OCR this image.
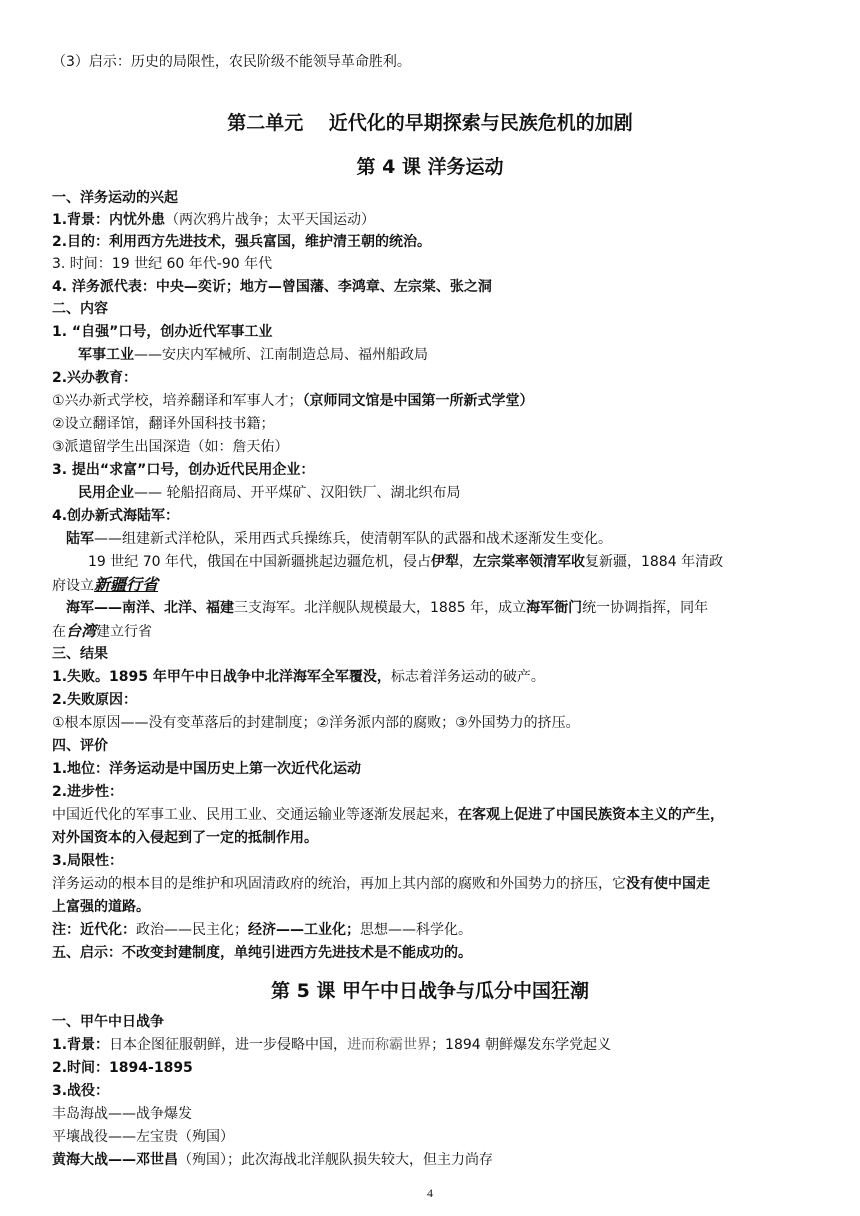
（3）启示：历史的局限性，农民阶级不能领导革命胜利。
第二单元　 近代化的早期探索与民族危机的加剧
第 4 课 洋务运动
一、洋务运动的兴起
1.背景：内忧外患（两次鸦片战争；太平天国运动）
2.目的：利用西方先进技术，强兵富国，维护清王朝的统治。
3. 时间：19 世纪 60 年代-90 年代
4. 洋务派代表：中央—奕䜣；地方—曾国藩、李鸿章、左宗棠、张之洞
二、内容
1. “自强”口号，创办近代军事工业
军事工业——安庆内军械所、江南制造总局、福州船政局
2.兴办教育：
①兴办新式学校，培养翻译和军事人才；（京师同文馆是中国第一所新式学堂）
②设立翻译馆，翻译外国科技书籍；
③派遣留学生出国深造（如：詹天佑）
3. 提出“求富”口号，创办近代民用企业：
民用企业—— 轮船招商局、开平煤矿、汉阳铁厂、湖北织布局
4.创办新式海陆军：
陆军——组建新式洋枪队，采用西式兵操练兵，使清朝军队的武器和战术逐渐发生变化。
19 世纪 70 年代，俄国在中国新疆挑起边疆危机，侵占伊犁，左宗棠率领清军收复新疆，1884 年清政
府设立新疆行省
海军——南洋、北洋、福建三支海军。北洋舰队规模最大，1885 年，成立海军衙门统一协调指挥，同年
在台湾建立行省
三、结果
1.失败。1895 年甲午中日战争中北洋海军全军覆没，标志着洋务运动的破产。
2.失败原因：
①根本原因——没有变革落后的封建制度；②洋务派内部的腐败；③外国势力的挤压。
四、评价
1.地位：洋务运动是中国历史上第一次近代化运动
2.进步性：
中国近代化的军事工业、民用工业、交通运输业等逐渐发展起来，在客观上促进了中国民族资本主义的产生，
对外国资本的入侵起到了一定的抵制作用。
3.局限性：
洋务运动的根本目的是维护和巩固清政府的统治，再加上其内部的腐败和外国势力的挤压，它没有使中国走
上富强的道路。
注：近代化：政治——民主化；经济——工业化；思想——科学化。
五、启示：不改变封建制度，单纯引进西方先进技术是不能成功的。
第 5 课 甲午中日战争与瓜分中国狂潮
一、甲午中日战争
1.背景：日本企图征服朝鲜，进一步侵略中国，进而称霸世界；1894 朝鲜爆发东学党起义
2.时间：1894-1895
3.战役：
丰岛海战——战争爆发
平壤战役——左宝贵（殉国）
黄海大战——邓世昌（殉国）；此次海战北洋舰队损失较大，但主力尚存
4
